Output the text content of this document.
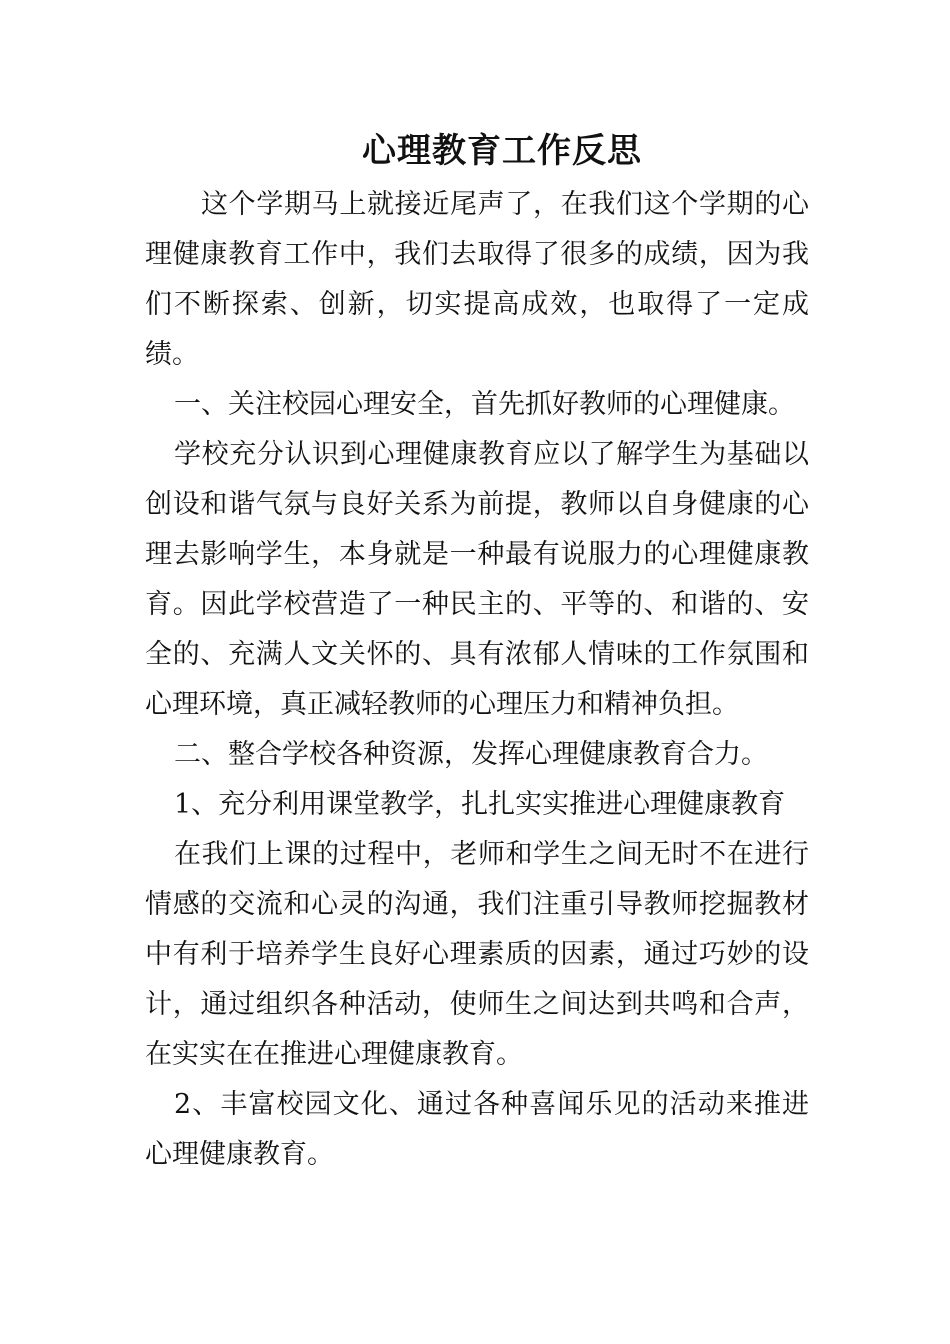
心理教育工作反思

这个学期马上就接近尾声了，在我们这个学期的心理健康教育工作中，我们去取得了很多的成绩，因为我们不断探索、创新，切实提高成效，也取得了一定成绩。

一、关注校园心理安全，首先抓好教师的心理健康。

学校充分认识到心理健康教育应以了解学生为基础以创设和谐气氛与良好关系为前提，教师以自身健康的心理去影响学生，本身就是一种最有说服力的心理健康教育。因此学校营造了一种民主的、平等的、和谐的、安全的、充满人文关怀的、具有浓郁人情味的工作氛围和心理环境，真正减轻教师的心理压力和精神负担。

二、整合学校各种资源，发挥心理健康教育合力。

1、充分利用课堂教学，扎扎实实推进心理健康教育

在我们上课的过程中，老师和学生之间无时不在进行情感的交流和心灵的沟通，我们注重引导教师挖掘教材中有利于培养学生良好心理素质的因素，通过巧妙的设计，通过组织各种活动，使师生之间达到共鸣和合声，在实实在在推进心理健康教育。

2、丰富校园文化、通过各种喜闻乐见的活动来推进心理健康教育。
